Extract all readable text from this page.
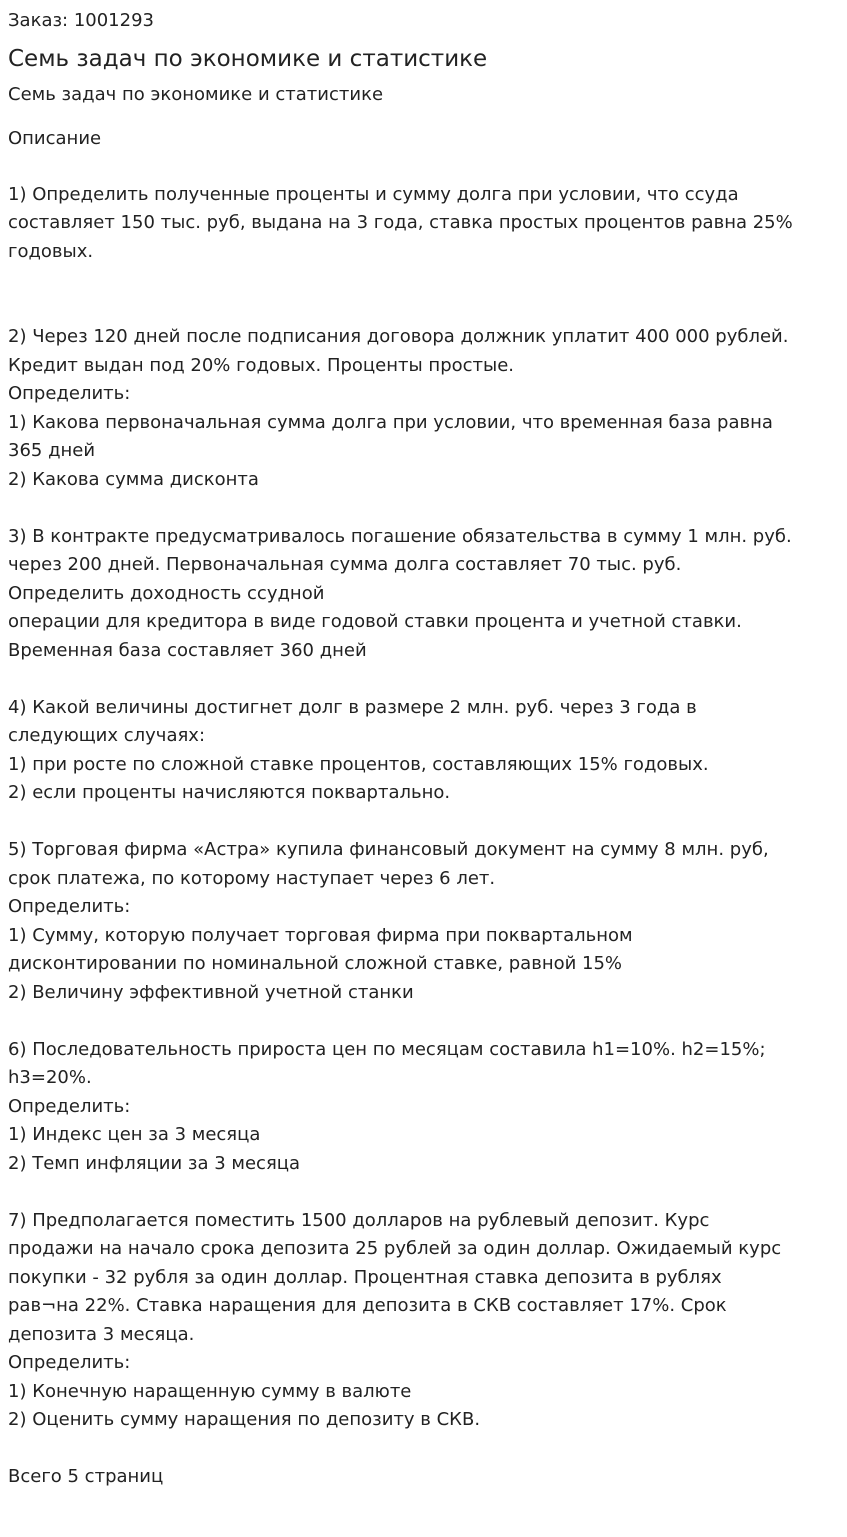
Заказ: 1001293

Семь задач по экономике и статистике

Семь задач по экономике и статистике

Описание

1) Определить полученные проценты и сумму долга при условии, что ссуда
составляет 150 тыс. руб, выдана на 3 года, ставка простых процентов равна 25%
годовых.
2) Через 120 дней после подписания договора должник уплатит 400 000 рублей.
Кредит выдан под 20% годовых. Проценты простые.
Определить:
1) Какова первоначальная сумма долга при условии, что временная база равна
365 дней
2) Какова сумма дисконта
3) В контракте предусматривалось погашение обязательства в сумму 1 млн. руб.
через 200 дней. Первоначальная сумма долга составляет 70 тыс. руб.
Определить доходность ссудной
операции для кредитора в виде годовой ставки процента и учетной ставки.
Временная база составляет 360 дней
4) Какой величины достигнет долг в размере 2 млн. руб. через 3 года в
следующих случаях:
1) при росте по сложной ставке процентов, составляющих 15% годовых.
2) если проценты начисляются поквартально.
5) Торговая фирма «Астра» купила финансовый документ на сумму 8 млн. руб,
срок платежа, по которому наступает через 6 лет.
Определить:
1) Сумму, которую получает торговая фирма при поквартальном
дисконтировании по номинальной сложной ставке, равной 15%
2) Величину эффективной учетной станки
6) Последовательность прироста цен по месяцам составила h1=10%. h2=15%;
h3=20%.
Определить:
1) Индекс цен за 3 месяца
2) Темп инфляции за 3 месяца
7) Предполагается поместить 1500 долларов на рублевый депозит. Курс
продажи на начало срока депозита 25 рублей за один доллар. Ожидаемый курс
покупки - 32 рубля за один доллар. Процентная ставка депозита в рублях
рав¬на 22%. Ставка наращения для депозита в СКВ составляет 17%. Срок
депозита 3 месяца.
Определить:
1) Конечную наращенную сумму в валюте
2) Оценить сумму наращения по депозиту в СКВ.
Всего 5 страниц
